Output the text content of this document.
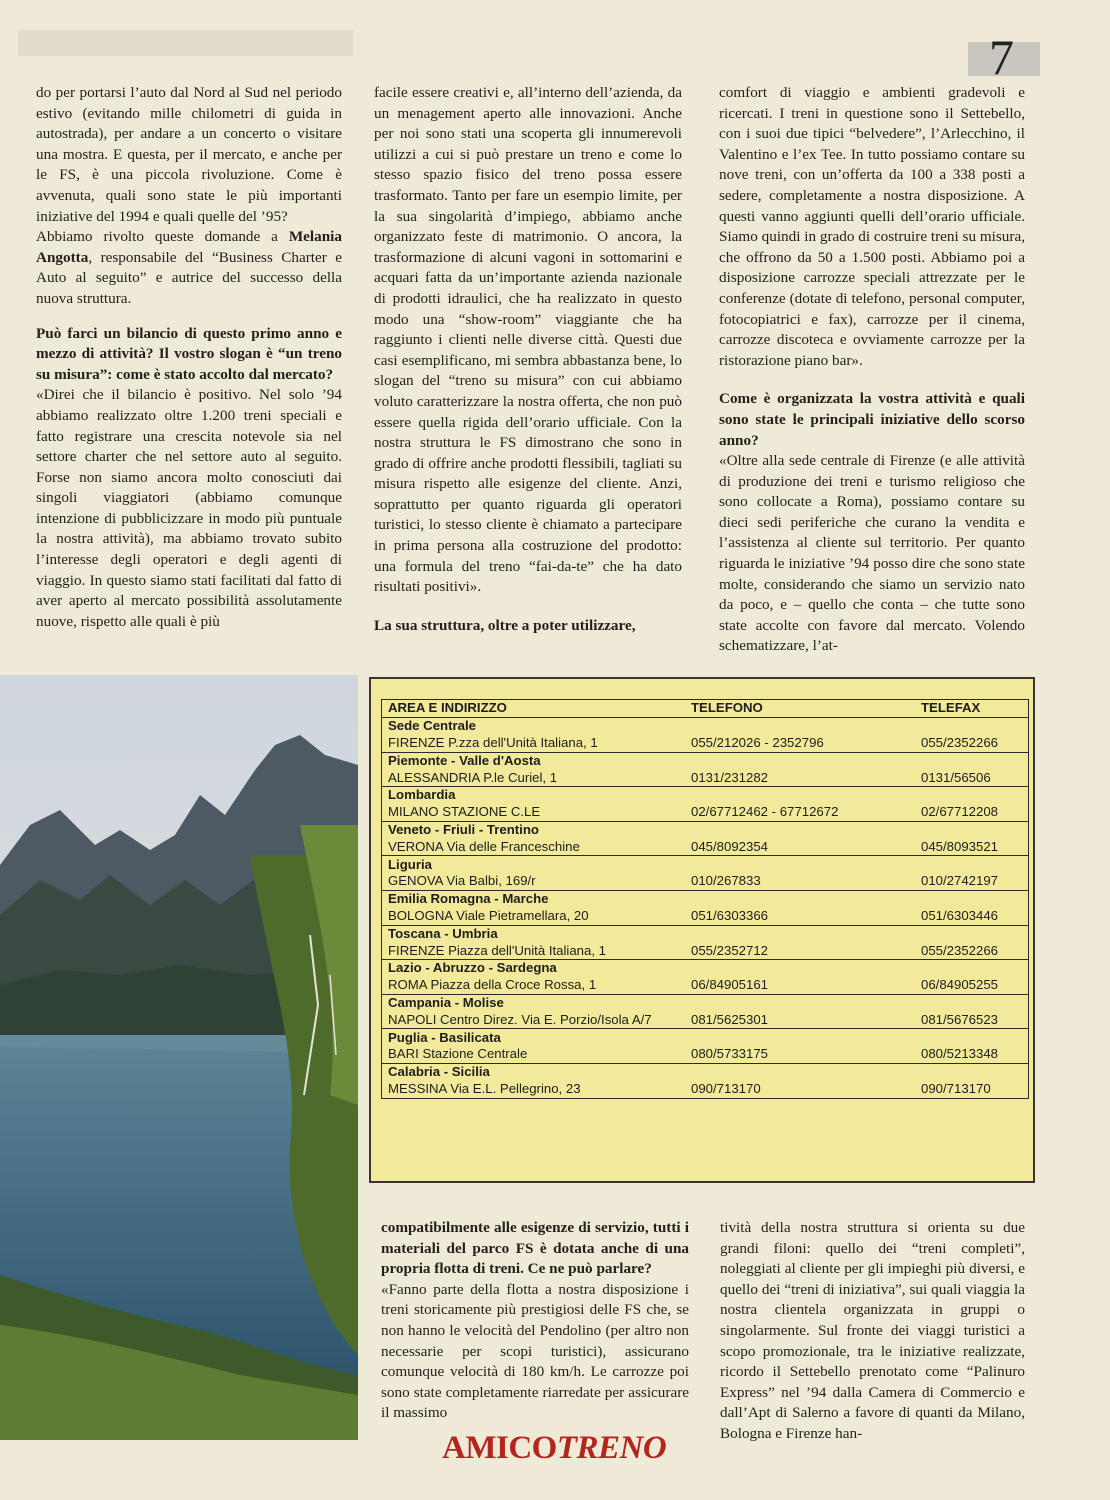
7

do per portarsi l’auto dal Nord al Sud nel periodo estivo (evitando mille chilometri di guida in autostrada), per andare a un concerto o visitare una mostra. E questa, per il mercato, e anche per le FS, è una piccola rivoluzione. Come è avvenuta, quali sono state le più importanti iniziative del 1994 e quali quelle del ’95?

Abbiamo rivolto queste domande a Melania Angotta, responsabile del “Business Charter e Auto al seguito” e autrice del successo della nuova struttura.

Può farci un bilancio di questo primo anno e mezzo di attività? Il vostro slogan è “un treno su misura”: come è stato accolto dal mercato?

«Direi che il bilancio è positivo. Nel solo ’94 abbiamo realizzato oltre 1.200 treni speciali e fatto registrare una crescita notevole sia nel settore charter che nel settore auto al seguito. Forse non siamo ancora molto conosciuti dai singoli viaggiatori (abbiamo comunque intenzione di pubblicizzare in modo più puntuale la nostra attività), ma abbiamo trovato subito l’interesse degli operatori e degli agenti di viaggio. In questo siamo stati facilitati dal fatto di aver aperto al mercato possibilità assolutamente nuove, rispetto alle quali è più

facile essere creativi e, all’interno dell’azienda, da un menagement aperto alle innovazioni. Anche per noi sono stati una scoperta gli innumerevoli utilizzi a cui si può prestare un treno e come lo stesso spazio fisico del treno possa essere trasformato. Tanto per fare un esempio limite, per la sua singolarità d’impiego, abbiamo anche organizzato feste di matrimonio. O ancora, la trasformazione di alcuni vagoni in sottomarini e acquari fatta da un’importante azienda nazionale di prodotti idraulici, che ha realizzato in questo modo una “show-room” viaggiante che ha raggiunto i clienti nelle diverse città. Questi due casi esemplificano, mi sembra abbastanza bene, lo slogan del “treno su misura” con cui abbiamo voluto caratterizzare la nostra offerta, che non può essere quella rigida dell’orario ufficiale. Con la nostra struttura le FS dimostrano che sono in grado di offrire anche prodotti flessibili, tagliati su misura rispetto alle esigenze del cliente. Anzi, soprattutto per quanto riguarda gli operatori turistici, lo stesso cliente è chiamato a partecipare in prima persona alla costruzione del prodotto: una formula del treno “fai-da-te” che ha dato risultati positivi».

La sua struttura, oltre a poter utilizzare,

comfort di viaggio e ambienti gradevoli e ricercati. I treni in questione sono il Settebello, con i suoi due tipici “belvedere”, l’Arlecchino, il Valentino e l’ex Tee. In tutto possiamo contare su nove treni, con un’offerta da 100 a 338 posti a sedere, completamente a nostra disposizione. A questi vanno aggiunti quelli dell’orario ufficiale. Siamo quindi in grado di costruire treni su misura, che offrono da 50 a 1.500 posti. Abbiamo poi a disposizione carrozze speciali attrezzate per le conferenze (dotate di telefono, personal computer, fotocopiatrici e fax), carrozze per il cinema, carrozze discoteca e ovviamente carrozze per la ristorazione piano bar».

Come è organizzata la vostra attività e quali sono state le principali iniziative dello scorso anno?

«Oltre alla sede centrale di Firenze (e alle attività di produzione dei treni e turismo religioso che sono collocate a Roma), possiamo contare su dieci sedi periferiche che curano la vendita e l’assistenza al cliente sul territorio. Per quanto riguarda le iniziative ’94 posso dire che sono state molte, considerando che siamo un servizio nato da poco, e – quello che conta – che tutte sono state accolte con favore dal mercato. Volendo schematizzare, l’at-

AREA E INDIRIZZO	TELEFONO	TELEFAX
Sede Centrale
FIRENZE P.zza dell'Unità Italiana, 1	055/212026 - 2352796	055/2352266
Piemonte - Valle d'Aosta
ALESSANDRIA P.le Curiel, 1	0131/231282	0131/56506
Lombardia
MILANO STAZIONE C.LE	02/67712462 - 67712672	02/67712208
Veneto - Friuli - Trentino
VERONA Via delle Franceschine	045/8092354	045/8093521
Liguria
GENOVA Via Balbi, 169/r	010/267833	010/2742197
Emilia Romagna - Marche
BOLOGNA Viale Pietramellara, 20	051/6303366	051/6303446
Toscana - Umbria
FIRENZE Piazza dell'Unità Italiana, 1	055/2352712	055/2352266
Lazio - Abruzzo - Sardegna
ROMA Piazza della Croce Rossa, 1	06/84905161	06/84905255
Campania - Molise
NAPOLI Centro Direz. Via E. Porzio/Isola A/7	081/5625301	081/5676523
Puglia - Basilicata
BARI Stazione Centrale	080/5733175	080/5213348
Calabria - Sicilia
MESSINA Via E.L. Pellegrino, 23	090/713170	090/713170

compatibilmente alle esigenze di servizio, tutti i materiali del parco FS è dotata anche di una propria flotta di treni. Ce ne può parlare?

«Fanno parte della flotta a nostra disposizione i treni storicamente più prestigiosi delle FS che, se non hanno le velocità del Pendolino (per altro non necessarie per scopi turistici), assicurano comunque velocità di 180 km/h. Le carrozze poi sono state completamente riarredate per assicurare il massimo

tività della nostra struttura si orienta su due grandi filoni: quello dei “treni completi”, noleggiati al cliente per gli impieghi più diversi, e quello dei “treni di iniziativa”, sui quali viaggia la nostra clientela organizzata in gruppi o singolarmente. Sul fronte dei viaggi turistici a scopo promozionale, tra le iniziative realizzate, ricordo il Settebello prenotato come “Palinuro Express” nel ’94 dalla Camera di Commercio e dall’Apt di Salerno a favore di quanti da Milano, Bologna e Firenze han-

AMICOTRENO
